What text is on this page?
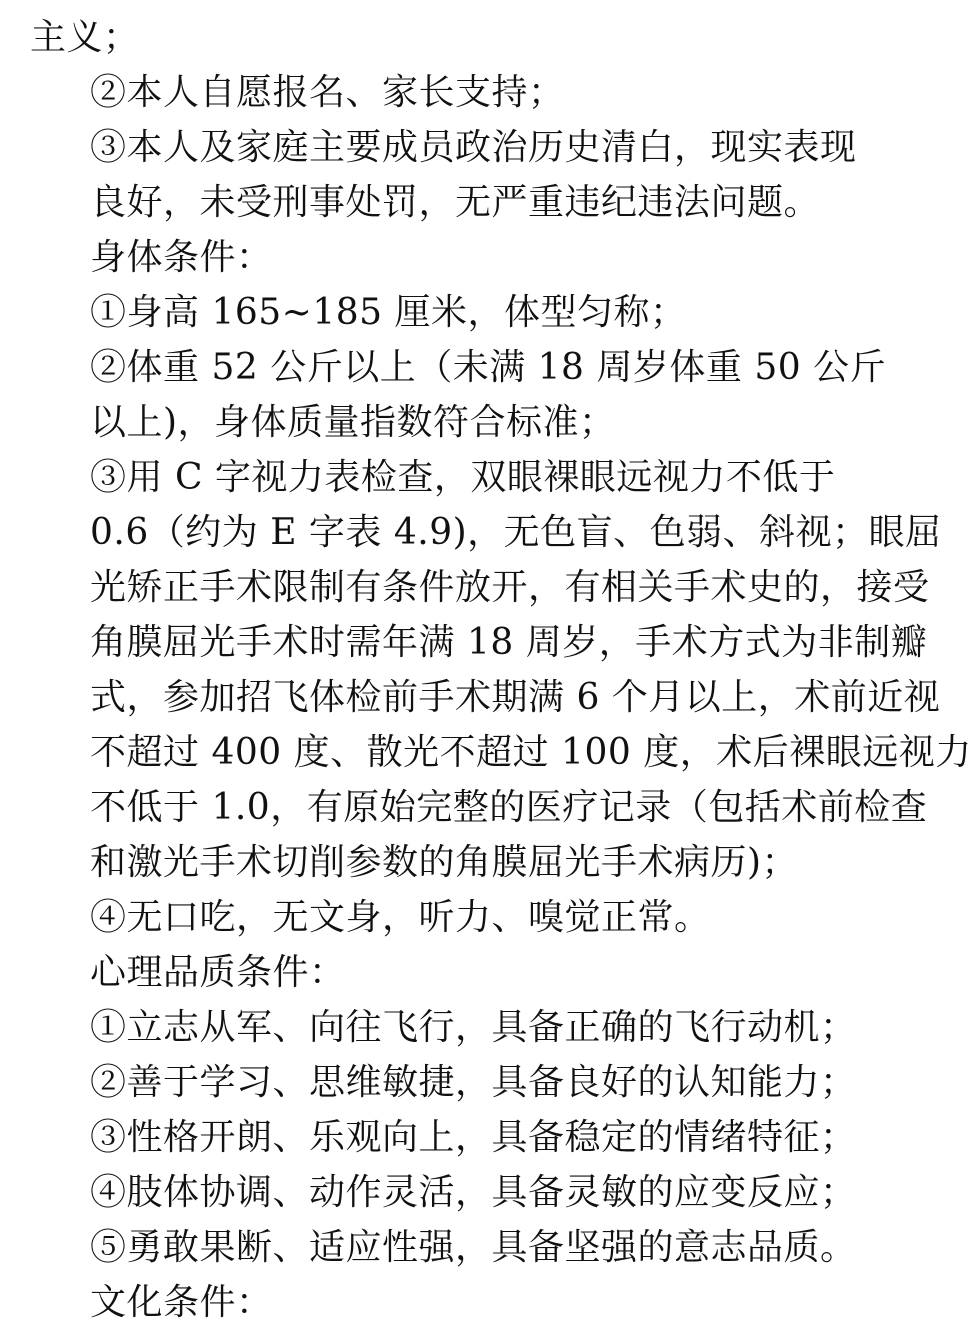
主义；

②本人自愿报名、家长支持；

③本人及家庭主要成员政治历史清白，现实表现
良好，未受刑事处罚，无严重违纪违法问题。

身体条件：

①身高 165~185 厘米，体型匀称；

②体重 52 公斤以上（未满 18 周岁体重 50 公斤
以上)，身体质量指数符合标准；

③用 C 字视力表检查，双眼裸眼远视力不低于
0.6（约为 E 字表 4.9)，无色盲、色弱、斜视；眼屈
光矫正手术限制有条件放开，有相关手术史的，接受
角膜屈光手术时需年满 18 周岁，手术方式为非制瓣
式，参加招飞体检前手术期满 6 个月以上，术前近视
不超过 400 度、散光不超过 100 度，术后裸眼远视力
不低于 1.0，有原始完整的医疗记录（包括术前检查
和激光手术切削参数的角膜屈光手术病历)；

④无口吃，无文身，听力、嗅觉正常。

心理品质条件：

①立志从军、向往飞行，具备正确的飞行动机；

②善于学习、思维敏捷，具备良好的认知能力；

③性格开朗、乐观向上，具备稳定的情绪特征；

④肢体协调、动作灵活，具备灵敏的应变反应；

⑤勇敢果断、适应性强，具备坚强的意志品质。

文化条件：
